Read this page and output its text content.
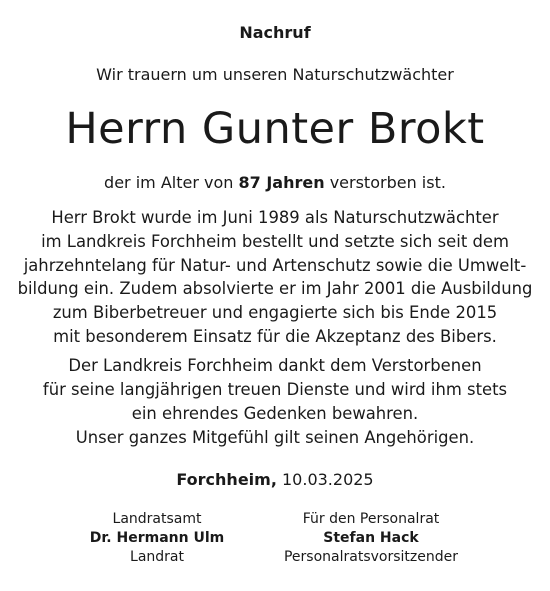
Nachruf
Wir trauern um unseren Naturschutzwächter
Herrn Gunter Brokt
der im Alter von 87 Jahren verstorben ist.
Herr Brokt wurde im Juni 1989 als Naturschutzwächter
im Landkreis Forchheim bestellt und setzte sich seit dem
jahrzehntelang für Natur- und Artenschutz sowie die Umwelt-
bildung ein. Zudem absolvierte er im Jahr 2001 die Ausbildung
zum Biberbetreuer und engagierte sich bis Ende 2015
mit besonderem Einsatz für die Akzeptanz des Bibers.
Der Landkreis Forchheim dankt dem Verstorbenen
für seine langjährigen treuen Dienste und wird ihm stets
ein ehrendes Gedenken bewahren.
Unser ganzes Mitgefühl gilt seinen Angehörigen.
Forchheim, 10.03.2025
Landratsamt
Dr. Hermann Ulm
Landrat
Für den Personalrat
Stefan Hack
Personalratsvorsitzender
